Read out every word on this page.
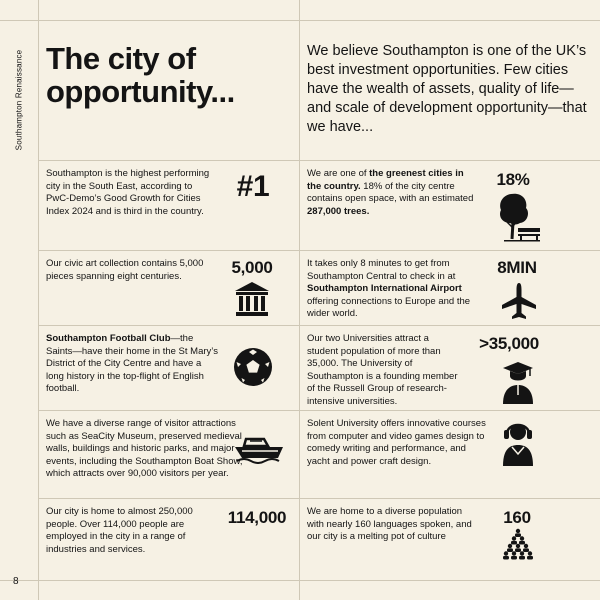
Southampton Renaissance
8
The city of opportunity...
We believe Southampton is one of the UK’s best investment opportunities. Few cities have the wealth of assets, quality of life—and scale of development opportunity—that we have...
Southampton is the highest performing city in the South East, according to PwC-Demo’s Good Growth for Cities Index 2024 and is third in the country.
#1
Our civic art collection contains 5,000 pieces spanning eight centuries.	5,000
Southampton Football Club—the Saints—have their home in the St Mary’s District of the City Centre and have a long history in the top-flight of English football.
We have a diverse range of visitor attractions such as SeaCity Museum, preserved medieval walls, buildings and historic parks, and major events, including the Southampton Boat Show, which attracts over 90,000 visitors per year.
Our city is home to almost 250,000 people. Over 114,000 people are employed in the city in a range of industries and services.
114,000
We are one of the greenest cities in the country. 18% of the city centre contains open space, with an estimated 287,000 trees.
18%
It takes only 8 minutes to get from Southampton Central to check in at Southampton International Airport offering connections to Europe and the wider world.
8MIN
Our two Universities attract a student population of more than 35,000. The University of Southampton is a founding member of the Russell Group of research-intensive universities.
>35,000
Solent University offers innovative courses from computer and video games design to comedy writing and performance, and yacht and power craft design.
We are home to a diverse population with nearly 160 languages spoken, and our city is a melting pot of culture
160
